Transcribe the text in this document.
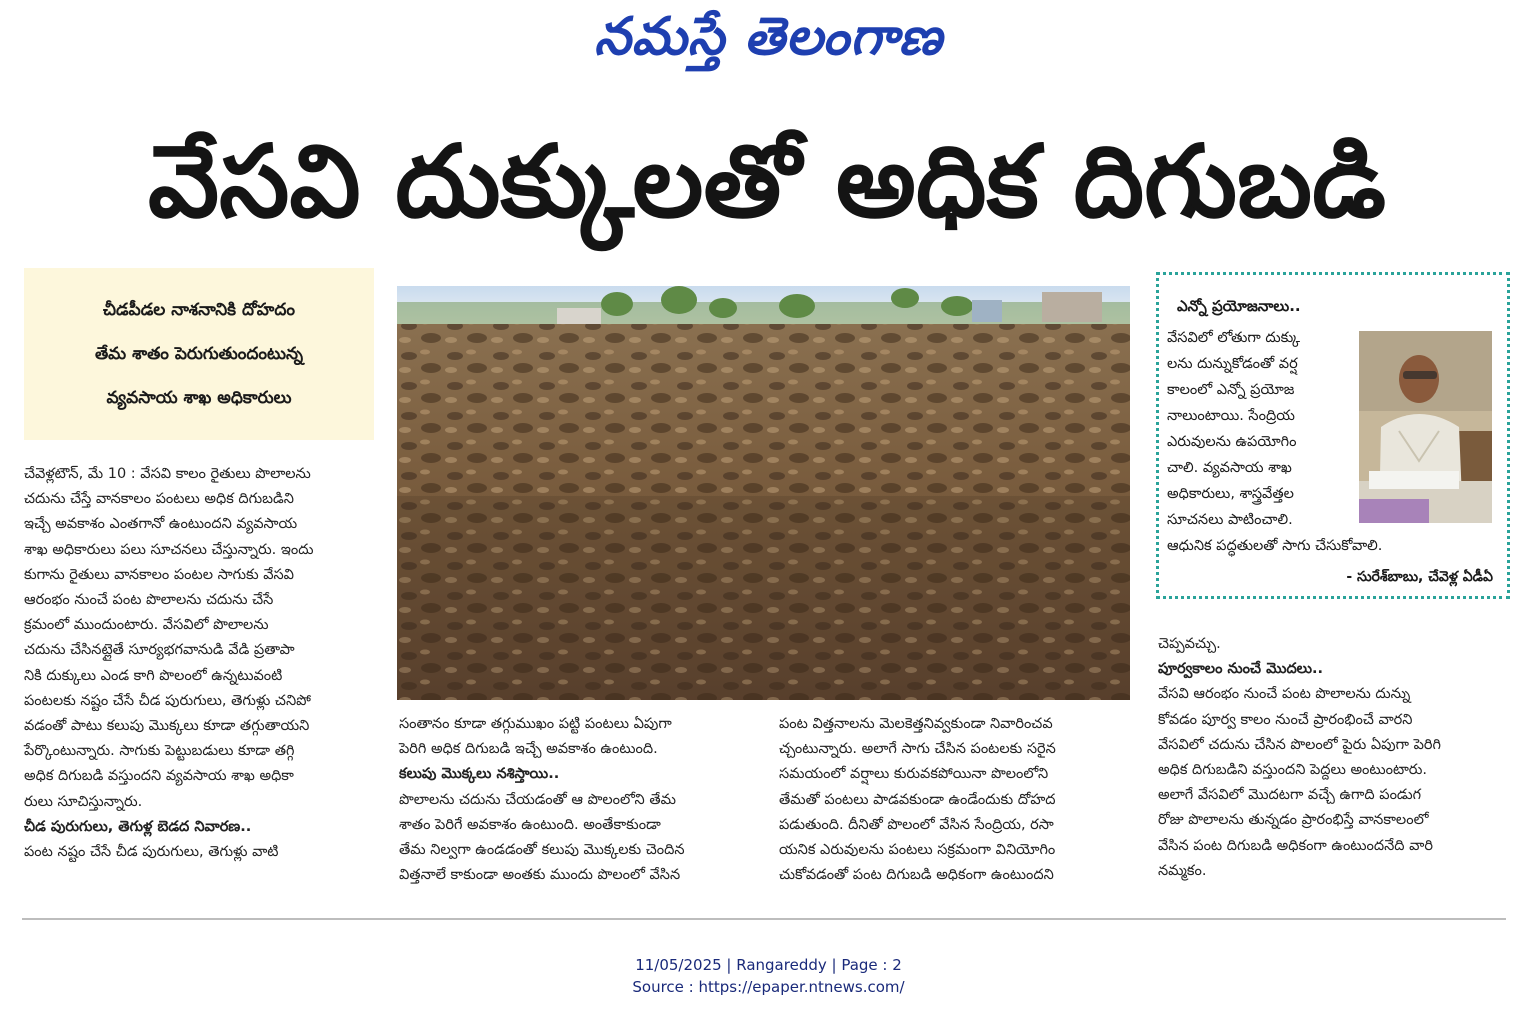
నమస్తే తెలంగాణ
వేసవి దుక్కులతో అధిక దిగుబడి
చీడపీడల నాశనానికి దోహదం
తేమ శాతం పెరుగుతుందంటున్న
వ్యవసాయ శాఖ అధికారులు

చేవెళ్లటౌన్, మే 10 : వేసవి కాలం రైతులు పొలాలను

చదును చేస్తే వానకాలం పంటలు అధిక దిగుబడిని

ఇచ్చే అవకాశం ఎంతగానో ఉంటుందని వ్యవసాయ

శాఖ అధికారులు పలు సూచనలు చేస్తున్నారు. ఇందు

కుగాను రైతులు వానకాలం పంటల సాగుకు వేసవి

ఆరంభం నుంచే పంట పొలాలను చదును చేసే

క్రమంలో ముందుంటారు. వేసవిలో పొలాలను

చదును చేసినట్లైతే సూర్యభగవానుడి వేడి ప్రతాపా

నికి దుక్కులు ఎండ కాగి పొలంలో ఉన్నటువంటి

పంటలకు నష్టం చేసే చీడ పురుగులు, తెగుళ్లు చనిపో

వడంతో పాటు కలుపు మొక్కలు కూడా తగ్గుతాయని

పేర్కొంటున్నారు. సాగుకు పెట్టుబడులు కూడా తగ్గి

అధిక దిగుబడి వస్తుందని వ్యవసాయ శాఖ అధికా

రులు సూచిస్తున్నారు.

చీడ పురుగులు, తెగుళ్ల బెడద నివారణ..

పంట నష్టం చేసే చీడ పురుగులు, తెగుళ్లు వాటి

సంతానం కూడా తగ్గుముఖం పట్టి పంటలు ఏపుగా

పెరిగి అధిక దిగుబడి ఇచ్చే అవకాశం ఉంటుంది.

కలుపు మొక్కలు నశిస్తాయి..

పొలాలను చదును చేయడంతో ఆ పొలంలోని తేమ

శాతం పెరిగే అవకాశం ఉంటుంది. అంతేకాకుండా

తేమ నిల్వగా ఉండడంతో కలుపు మొక్కలకు చెందిన

విత్తనాలే కాకుండా అంతకు ముందు పొలంలో వేసిన

పంట విత్తనాలను మెలకెత్తనివ్వకుండా నివారించవ

చ్చంటున్నారు. అలాగే సాగు చేసిన పంటలకు సరైన

సమయంలో వర్షాలు కురువకపోయినా పొలంలోని

తేమతో పంటలు పాడవకుండా ఉండేందుకు దోహద

పడుతుంది. దీనితో పొలంలో వేసిన సేంద్రియ, రసా

యనిక ఎరువులను పంటలు సక్రమంగా వినియోగిం

చుకోవడంతో పంట దిగుబడి అధికంగా ఉంటుందని

ఎన్నో ప్రయోజనాలు..
వేసవిలో లోతుగా దుక్కు
లను దున్నుకోడంతో వర్ష
కాలంలో ఎన్నో ప్రయోజ
నాలుంటాయి. సేంద్రియ
ఎరువులను ఉపయోగిం
చాలి. వ్యవసాయ శాఖ
అధికారులు, శాస్త్రవేత్తల
సూచనలు పాటించాలి.
ఆధునిక పద్ధతులతో సాగు చేసుకోవాలి.
- సురేశ్‌బాబు, చేవెళ్ల ఏడీఏ

చెప్పవచ్చు.

పూర్వకాలం నుంచే మొదలు..

వేసవి ఆరంభం నుంచే పంట పొలాలను దున్ను

కోవడం పూర్వ కాలం నుంచే ప్రారంభించే వారని

వేసవిలో చదును చేసిన పొలంలో పైరు ఏపుగా పెరిగి

అధిక దిగుబడిని వస్తుందని పెద్దలు అంటుంటారు.

అలాగే వేసవిలో మొదటగా వచ్చే ఉగాది పండుగ

రోజు పొలాలను తున్నడం ప్రారంభిస్తే వానకాలంలో

వేసిన పంట దిగుబడి అధికంగా ఉంటుందనేది వారి

నమ్మకం.

11/05/2025 | Rangareddy | Page : 2
Source : https://epaper.ntnews.com/
